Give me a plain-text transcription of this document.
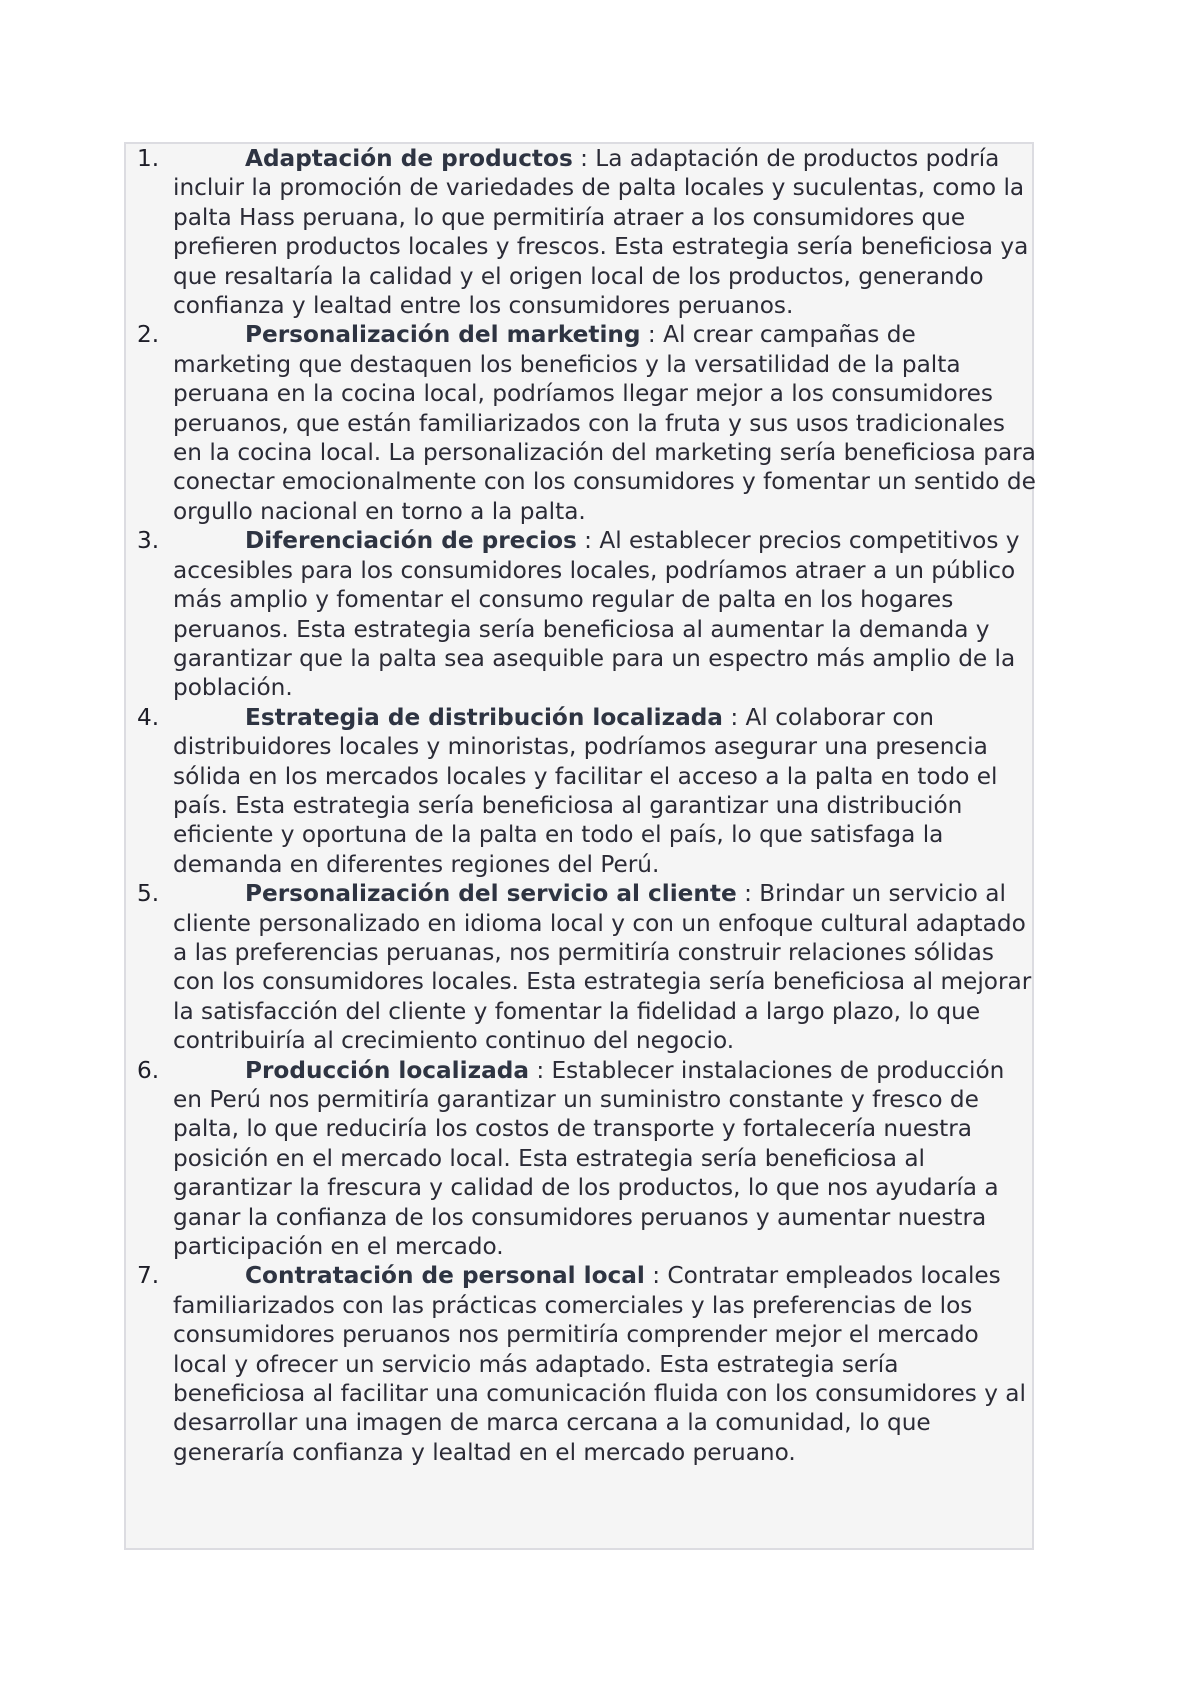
1.	Adaptación de productos : La adaptación de productos podría incluir la promoción de variedades de palta locales y suculentas, como la palta Hass peruana, lo que permitiría atraer a los consumidores que prefieren productos locales y frescos. Esta estrategia sería beneficiosa ya que resaltaría la calidad y el origen local de los productos, generando confianza y lealtad entre los consumidores peruanos.
2.	Personalización del marketing : Al crear campañas de marketing que destaquen los beneficios y la versatilidad de la palta peruana en la cocina local, podríamos llegar mejor a los consumidores peruanos, que están familiarizados con la fruta y sus usos tradicionales en la cocina local. La personalización del marketing sería beneficiosa para conectar emocionalmente con los consumidores y fomentar un sentido de orgullo nacional en torno a la palta.
3.	Diferenciación de precios : Al establecer precios competitivos y accesibles para los consumidores locales, podríamos atraer a un público más amplio y fomentar el consumo regular de palta en los hogares peruanos. Esta estrategia sería beneficiosa al aumentar la demanda y garantizar que la palta sea asequible para un espectro más amplio de la población.
4.	Estrategia de distribución localizada : Al colaborar con distribuidores locales y minoristas, podríamos asegurar una presencia sólida en los mercados locales y facilitar el acceso a la palta en todo el país. Esta estrategia sería beneficiosa al garantizar una distribución eficiente y oportuna de la palta en todo el país, lo que satisfaga la demanda en diferentes regiones del Perú.
5.	Personalización del servicio al cliente : Brindar un servicio al cliente personalizado en idioma local y con un enfoque cultural adaptado a las preferencias peruanas, nos permitiría construir relaciones sólidas con los consumidores locales. Esta estrategia sería beneficiosa al mejorar la satisfacción del cliente y fomentar la fidelidad a largo plazo, lo que contribuiría al crecimiento continuo del negocio.
6.	Producción localizada : Establecer instalaciones de producción en Perú nos permitiría garantizar un suministro constante y fresco de palta, lo que reduciría los costos de transporte y fortalecería nuestra posición en el mercado local. Esta estrategia sería beneficiosa al garantizar la frescura y calidad de los productos, lo que nos ayudaría a ganar la confianza de los consumidores peruanos y aumentar nuestra participación en el mercado.
7.	Contratación de personal local : Contratar empleados locales familiarizados con las prácticas comerciales y las preferencias de los consumidores peruanos nos permitiría comprender mejor el mercado local y ofrecer un servicio más adaptado. Esta estrategia sería beneficiosa al facilitar una comunicación fluida con los consumidores y al desarrollar una imagen de marca cercana a la comunidad, lo que generaría confianza y lealtad en el mercado peruano.
